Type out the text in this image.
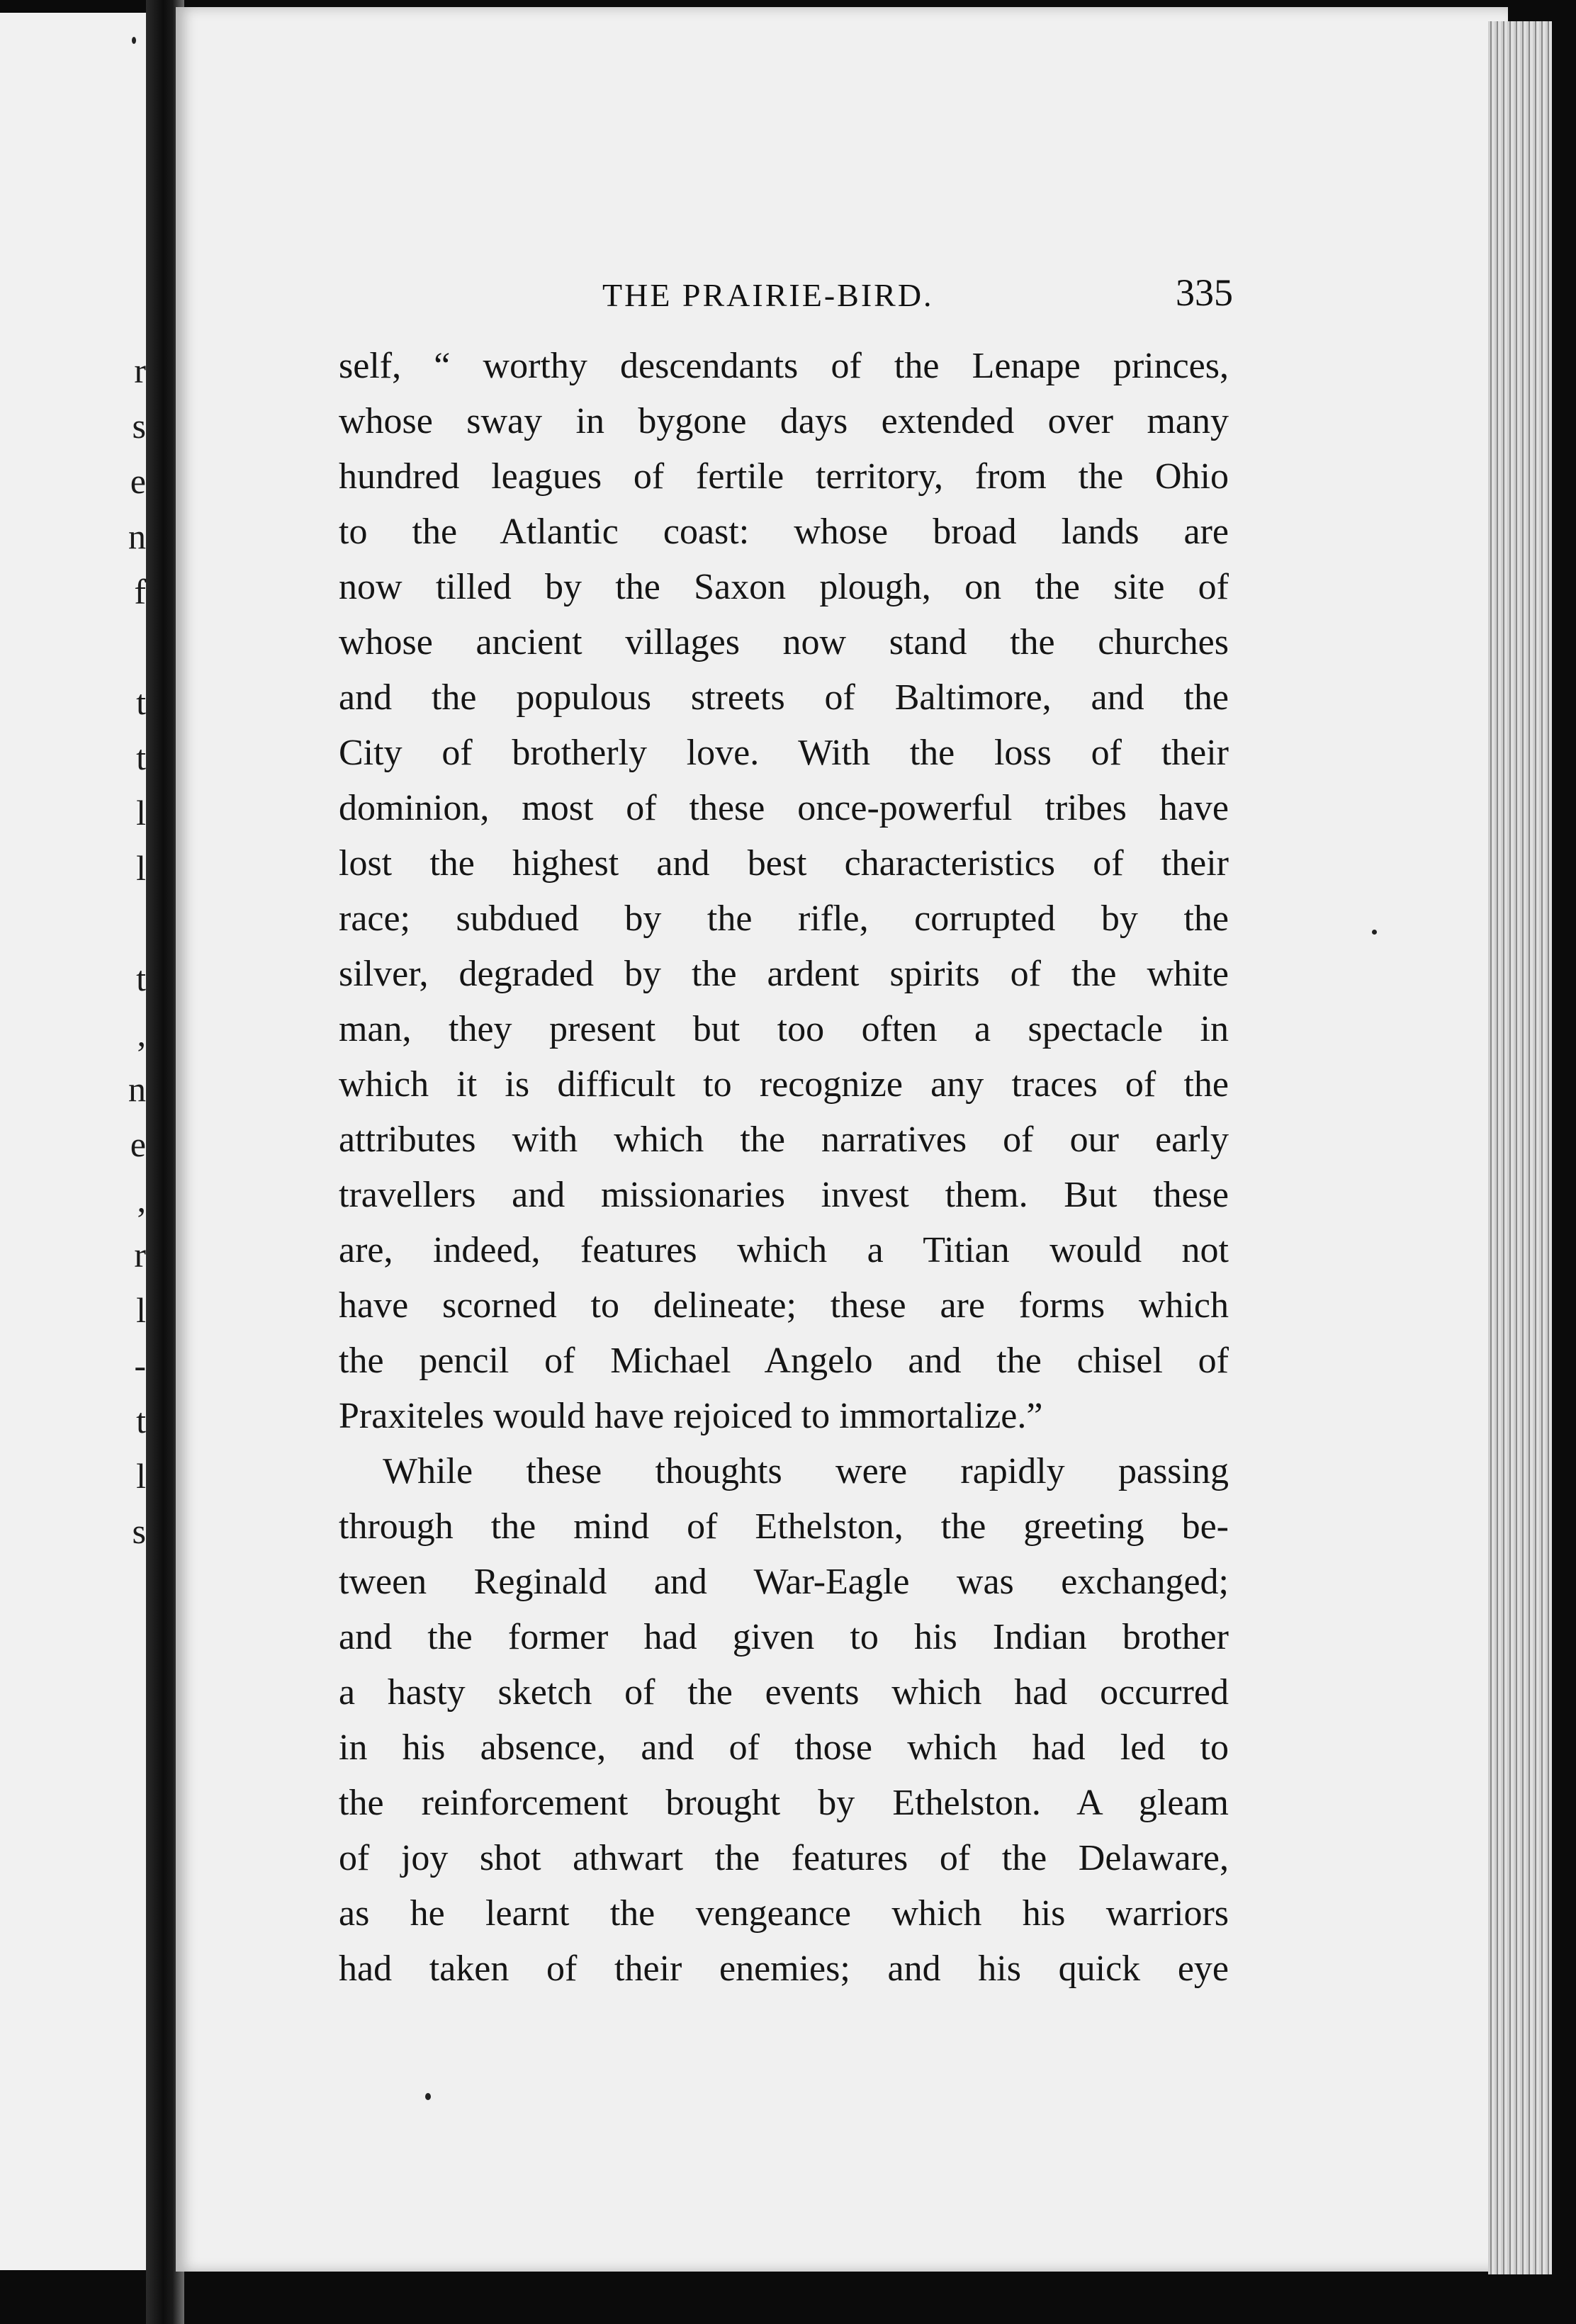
r
s
e
n
f
t
t
l
l
t
,
n
e
,
r
l
-
t
l
s
THE PRAIRIE-BIRD.	335
self, “ worthy descendants of the Lenape princes,
whose sway in bygone days extended over many
hundred leagues of fertile territory, from the Ohio
to the Atlantic coast: whose broad lands are
now tilled by the Saxon plough, on the site of
whose ancient villages now stand the churches
and the populous streets of Baltimore, and the
City of brotherly love. With the loss of their
dominion, most of these once-powerful tribes have
lost the highest and best characteristics of their
race; subdued by the rifle, corrupted by the
silver, degraded by the ardent spirits of the white
man, they present but too often a spectacle in
which it is difficult to recognize any traces of the
attributes with which the narratives of our early
travellers and missionaries invest them. But these
are, indeed, features which a Titian would not
have scorned to delineate; these are forms which
the pencil of Michael Angelo and the chisel of
Praxiteles would have rejoiced to immortalize.”
While these thoughts were rapidly passing
through the mind of Ethelston, the greeting be-
tween Reginald and War-Eagle was exchanged;
and the former had given to his Indian brother
a hasty sketch of the events which had occurred
in his absence, and of those which had led to
the reinforcement brought by Ethelston. A gleam
of joy shot athwart the features of the Delaware,
as he learnt the vengeance which his warriors
had taken of their enemies; and his quick eye
